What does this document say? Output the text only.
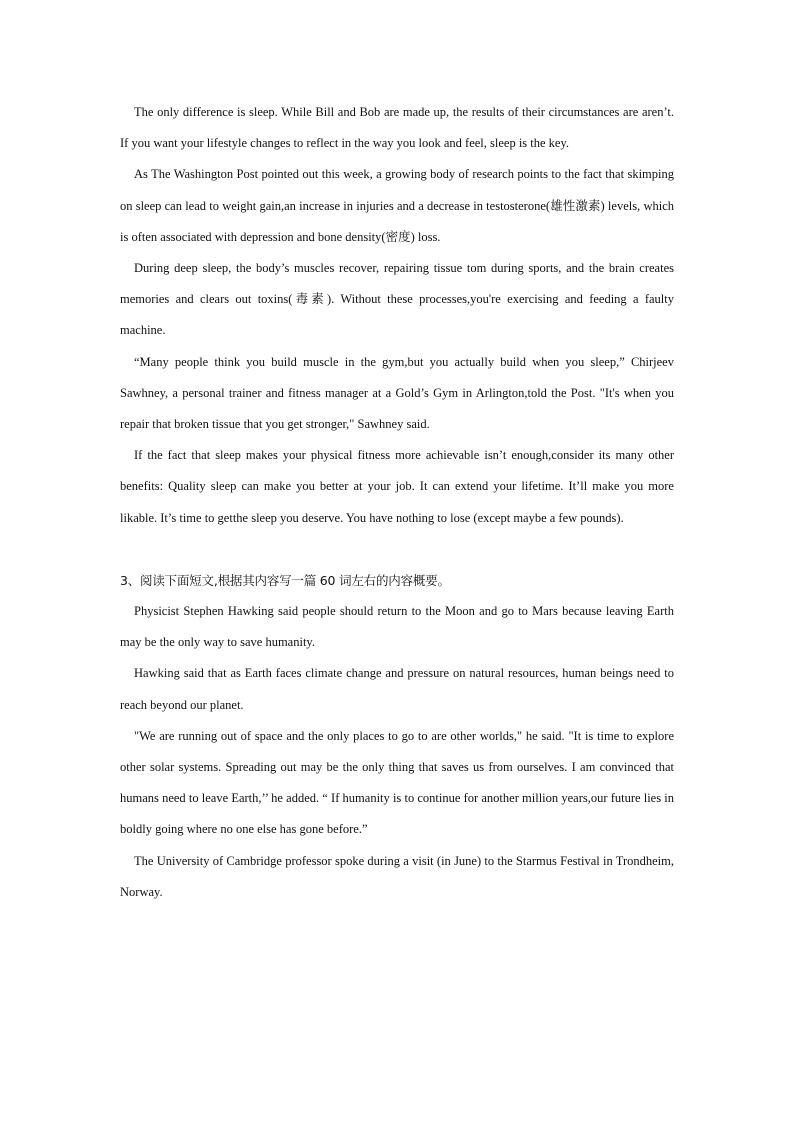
The only difference is sleep. While Bill and Bob are made up, the results of their circumstances are aren’t. If you want your lifestyle changes to reflect in the way you look and feel, sleep is the key.

As The Washington Post pointed out this week, a growing body of research points to the fact that skimping on sleep can lead to weight gain,an increase in injuries and a decrease in testosterone(雄性激素) levels, which is often associated with depression and bone density(密度) loss.

During deep sleep, the body’s muscles recover, repairing tissue tom during sports, and the brain creates memories and clears out toxins(毒素). Without these processes,you're exercising and feeding a faulty machine.

“Many people think you build muscle in the gym,but you actually build when you sleep,” Chirjeev Sawhney, a personal trainer and fitness manager at a Gold’s Gym in Arlington,told the Post. "It's when you repair that broken tissue that you get stronger," Sawhney said.

If the fact that sleep makes your physical fitness more achievable isn’t enough,consider its many other benefits: Quality sleep can make you better at your job. It can extend your lifetime. It’ll make you more likable. It’s time to getthe sleep you deserve. You have nothing to lose (except maybe a few pounds).

3、阅读下面短文,根据其内容写一篇 60 词左右的内容概要。

Physicist Stephen Hawking said people should return to the Moon and go to Mars because leaving Earth may be the only way to save humanity.

Hawking said that as Earth faces climate change and pressure on natural resources, human beings need to reach beyond our planet.

"We are running out of space and the only places to go to are other worlds," he said. "It is time to explore other solar systems. Spreading out may be the only thing that saves us from ourselves. I am convinced that humans need to leave Earth,’’ he added. “ If humanity is to continue for another million years,our future lies in boldly going where no one else has gone before.”

The University of Cambridge professor spoke during a visit (in June) to the Starmus Festival in Trondheim, Norway.
